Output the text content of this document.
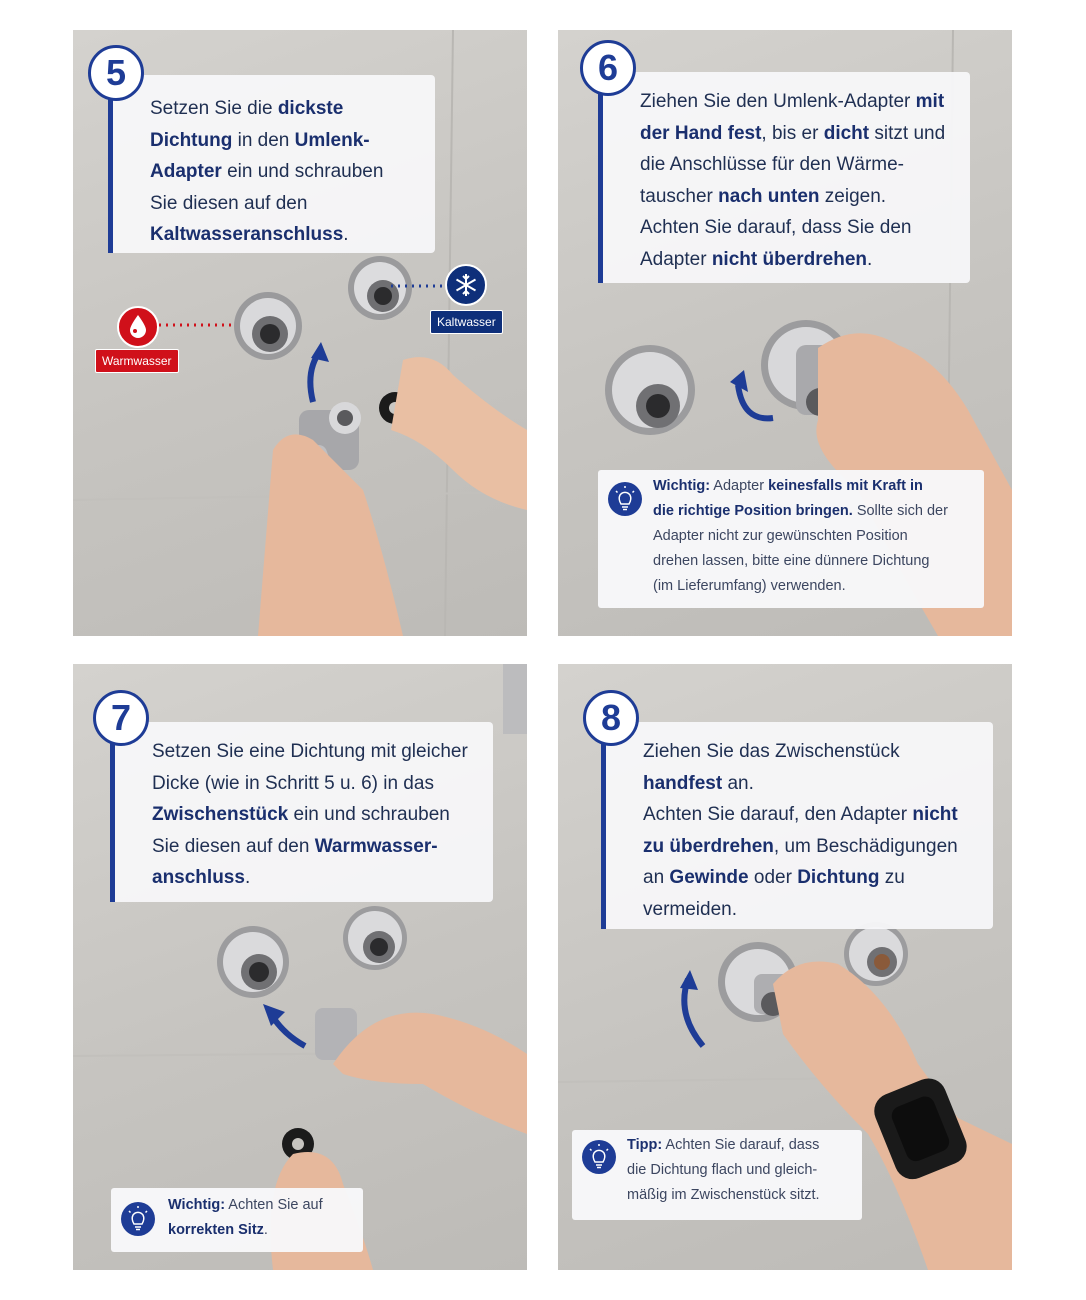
Setzen Sie die dickste
Dichtung in den Umlenk-
Adapter ein und schrauben
Sie diesen auf den
Kaltwasseranschluss.
5
Warmwasser
Kaltwasser
Ziehen Sie den Umlenk-Adapter mit
der Hand fest, bis er dicht sitzt und
die Anschlüsse für den Wärme-
tauscher nach unten zeigen.
Achten Sie darauf, dass Sie den
Adapter nicht überdrehen.
6
Wichtig: Adapter keinesfalls mit Kraft in
die richtige Position bringen. Sollte sich der
Adapter nicht zur gewünschten Position
drehen lassen, bitte eine dünnere Dichtung
(im Lieferumfang) verwenden.
Setzen Sie eine Dichtung mit gleicher
Dicke (wie in Schritt 5 u. 6) in das
Zwischenstück ein und schrauben
Sie diesen auf den Warmwasser-
anschluss.
7
Wichtig: Achten Sie auf
korrekten Sitz.
Ziehen Sie das Zwischenstück
handfest an.
Achten Sie darauf, den Adapter nicht
zu überdrehen, um Beschädigungen
an Gewinde oder Dichtung zu
vermeiden.
8
Tipp: Achten Sie darauf, dass
die Dichtung flach und gleich-
mäßig im Zwischenstück sitzt.
